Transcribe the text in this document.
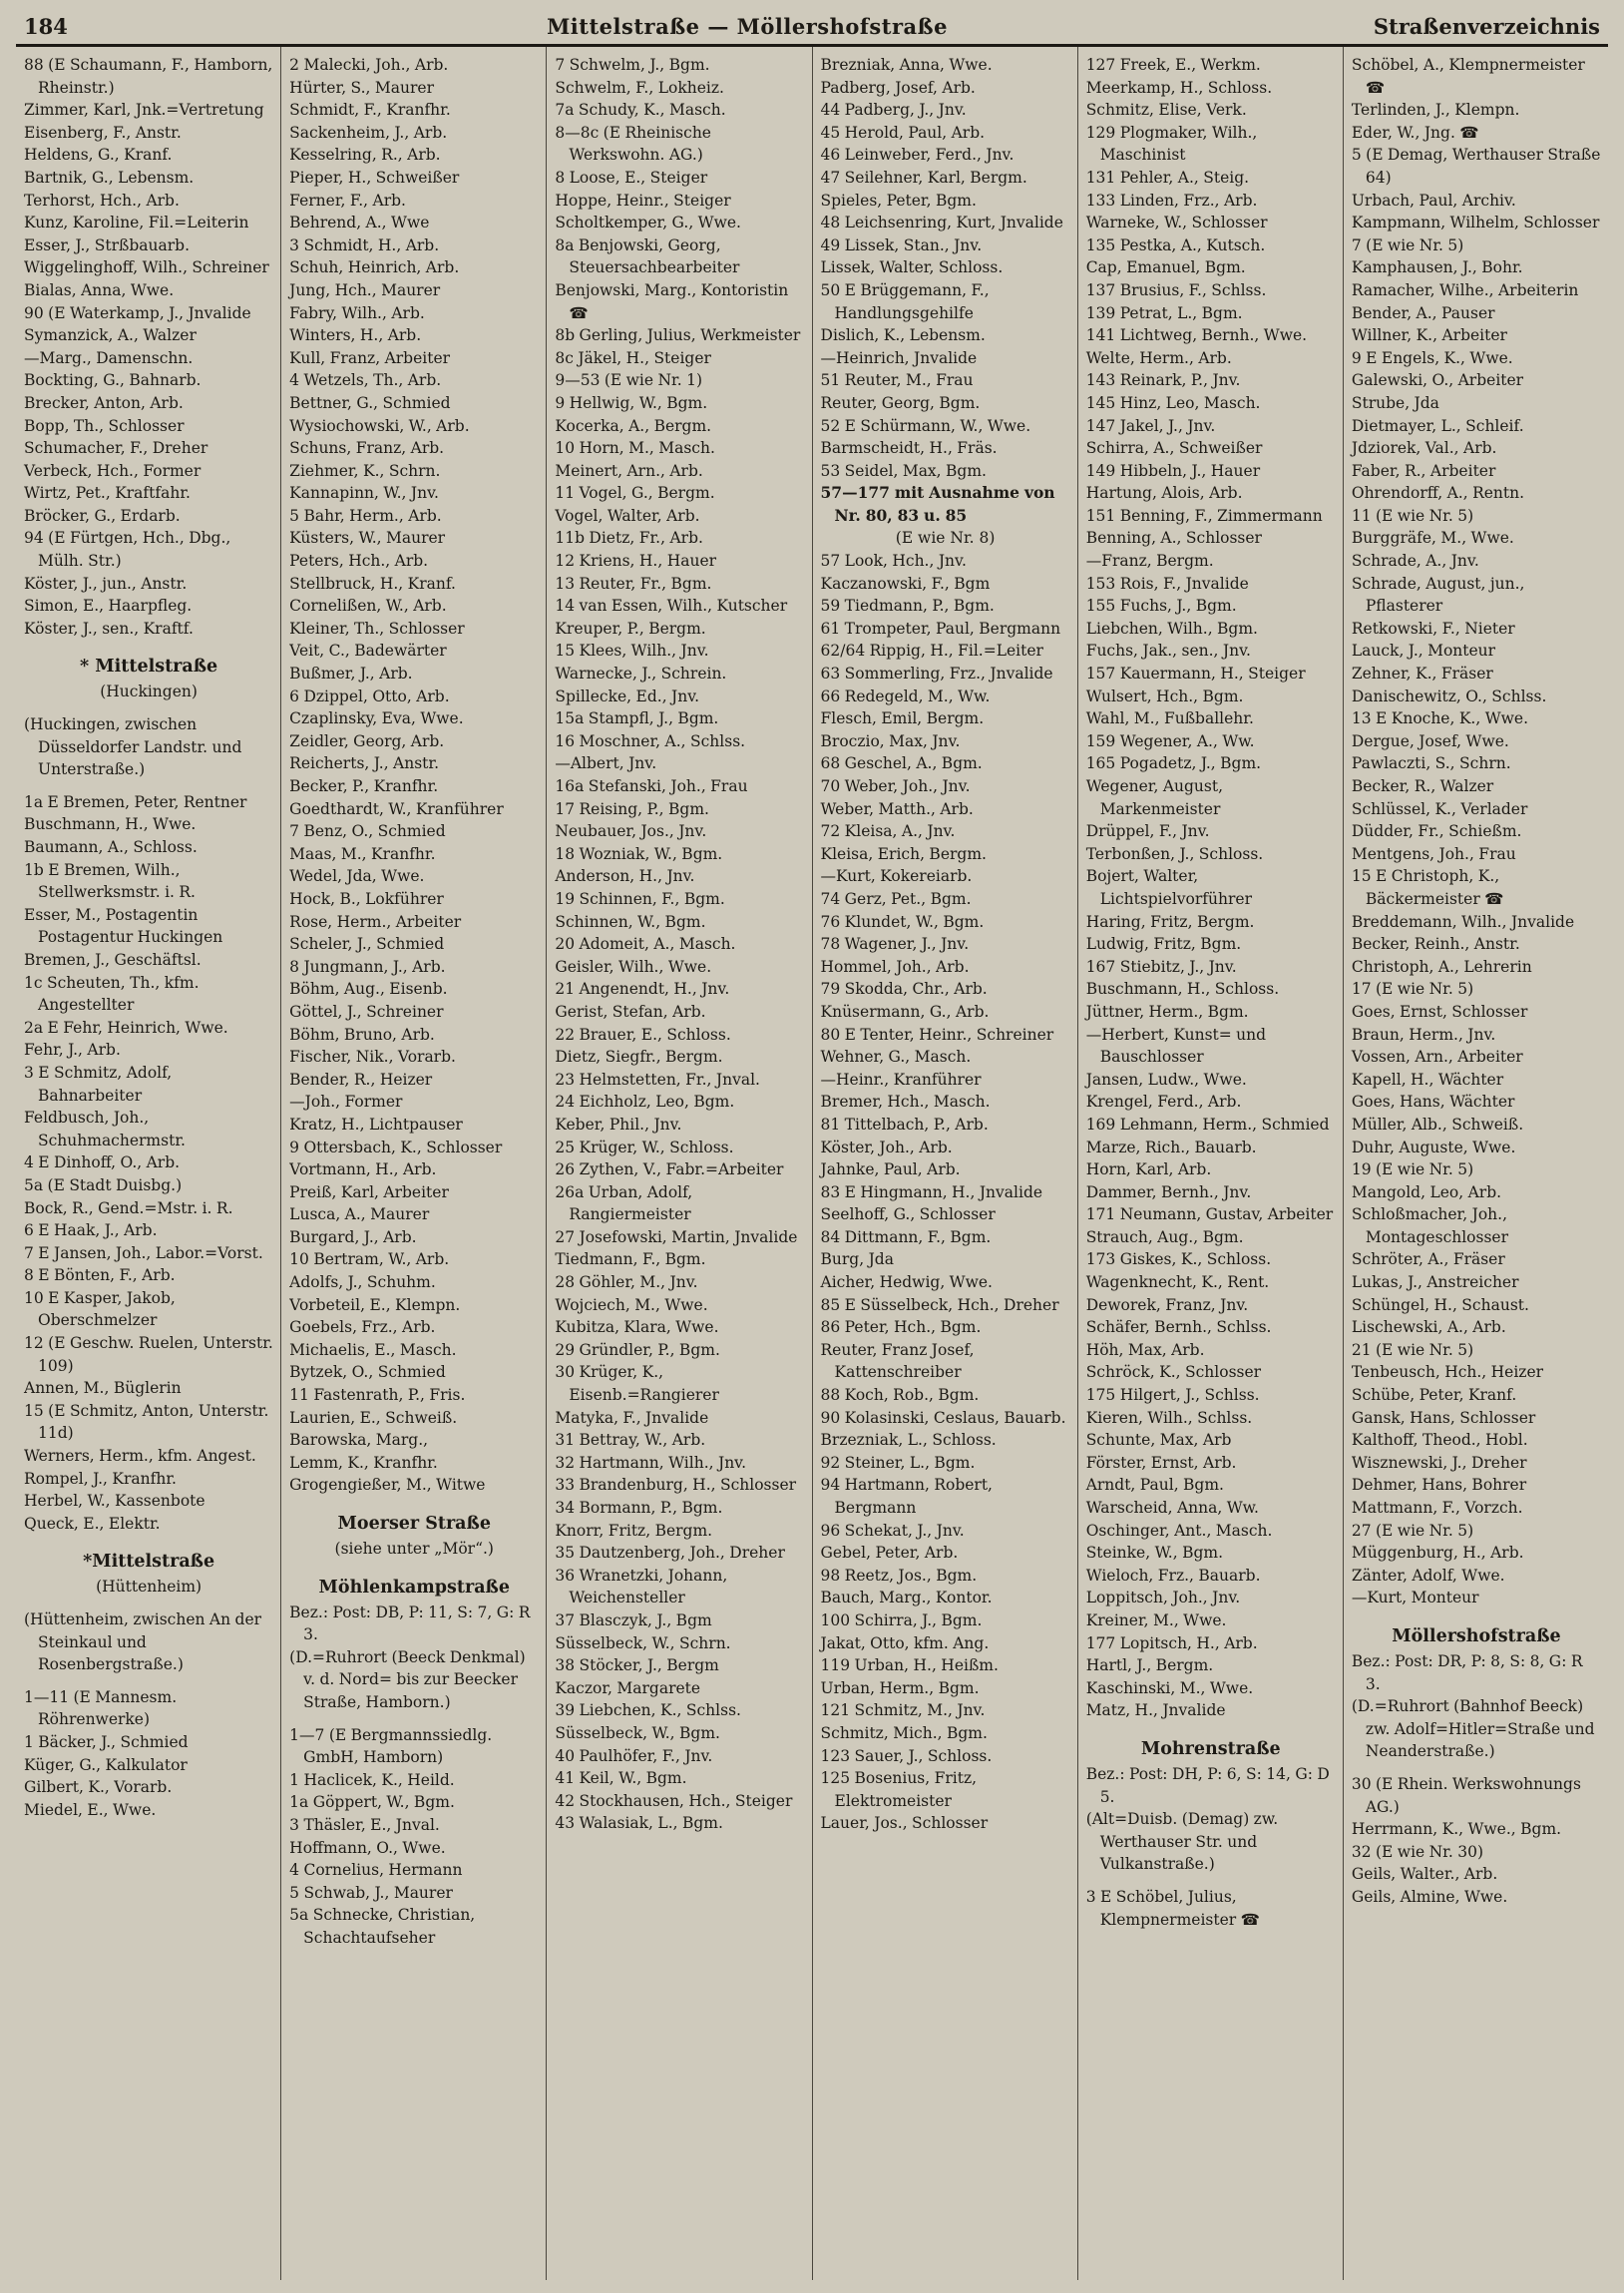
184	Mittelstraße — Möllershofstraße	Straßenverzeichnis
88 (E Schaumann, F., Hamborn, Rheinstr.)
Zimmer, Karl, Jnk.=Vertretung
Eisenberg, F., Anstr.
Heldens, G., Kranf.
Bartnik, G., Lebensm.
Terhorst, Hch., Arb.
Kunz, Karoline, Fil.=Leiterin
Esser, J., Strßbauarb.
Wiggelinghoff, Wilh., Schreiner
Bialas, Anna, Wwe.
90 (E Waterkamp, J., Jnvalide
Symanzick, A., Walzer
—Marg., Damenschn.
Bockting, G., Bahnarb.
Brecker, Anton, Arb.
Bopp, Th., Schlosser
Schumacher, F., Dreher
Verbeck, Hch., Former
Wirtz, Pet., Kraftfahr.
Bröcker, G., Erdarb.
94 (E Fürtgen, Hch., Dbg., Mülh. Str.)
Köster, J., jun., Anstr.
Simon, E., Haarpfleg.
Köster, J., sen., Kraftf.
* Mittelstraße
(Huckingen)
(Huckingen, zwischen Düsseldorfer Landstr. und Unterstraße.)
1a E Bremen, Peter, Rentner
Buschmann, H., Wwe.
Baumann, A., Schloss.
1b E Bremen, Wilh., Stellwerksmstr. i. R.
Esser, M., Postagentin Postagentur Huckingen
Bremen, J., Geschäftsl.
1c Scheuten, Th., kfm. Angestellter
2a E Fehr, Heinrich, Wwe.
Fehr, J., Arb.
3 E Schmitz, Adolf, Bahnarbeiter
Feldbusch, Joh., Schuhmachermstr.
4 E Dinhoff, O., Arb.
5a (E Stadt Duisbg.)
Bock, R., Gend.=Mstr. i. R.
6 E Haak, J., Arb.
7 E Jansen, Joh., Labor.=Vorst.
8 E Bönten, F., Arb.
10 E Kasper, Jakob, Oberschmelzer
12 (E Geschw. Ruelen, Unterstr. 109)
Annen, M., Büglerin
15 (E Schmitz, Anton, Unterstr. 11d)
Werners, Herm., kfm. Angest.
Rompel, J., Kranfhr.
Herbel, W., Kassenbote
Queck, E., Elektr.
*Mittelstraße
(Hüttenheim)
(Hüttenheim, zwischen An der Steinkaul und Rosenbergstraße.)
1—11 (E Mannesm. Röhrenwerke)
1 Bäcker, J., Schmied
Küger, G., Kalkulator
Gilbert, K., Vorarb.
Miedel, E., Wwe.
2 Malecki, Joh., Arb.
Hürter, S., Maurer
Schmidt, F., Kranfhr.
Sackenheim, J., Arb.
Kesselring, R., Arb.
Pieper, H., Schweißer
Ferner, F., Arb.
Behrend, A., Wwe
3 Schmidt, H., Arb.
Schuh, Heinrich, Arb.
Jung, Hch., Maurer
Fabry, Wilh., Arb.
Winters, H., Arb.
Kull, Franz, Arbeiter
4 Wetzels, Th., Arb.
Bettner, G., Schmied
Wysiochowski, W., Arb.
Schuns, Franz, Arb.
Ziehmer, K., Schrn.
Kannapinn, W., Jnv.
5 Bahr, Herm., Arb.
Küsters, W., Maurer
Peters, Hch., Arb.
Stellbruck, H., Kranf.
Cornelißen, W., Arb.
Kleiner, Th., Schlosser
Veit, C., Badewärter
Bußmer, J., Arb.
6 Dzippel, Otto, Arb.
Czaplinsky, Eva, Wwe.
Zeidler, Georg, Arb.
Reicherts, J., Anstr.
Becker, P., Kranfhr.
Goedthardt, W., Kranführer
7 Benz, O., Schmied
Maas, M., Kranfhr.
Wedel, Jda, Wwe.
Hock, B., Lokführer
Rose, Herm., Arbeiter
Scheler, J., Schmied
8 Jungmann, J., Arb.
Böhm, Aug., Eisenb.
Göttel, J., Schreiner
Böhm, Bruno, Arb.
Fischer, Nik., Vorarb.
Bender, R., Heizer
—Joh., Former
Kratz, H., Lichtpauser
9 Ottersbach, K., Schlosser
Vortmann, H., Arb.
Preiß, Karl, Arbeiter
Lusca, A., Maurer
Burgard, J., Arb.
10 Bertram, W., Arb.
Adolfs, J., Schuhm.
Vorbeteil, E., Klempn.
Goebels, Frz., Arb.
Michaelis, E., Masch.
Bytzek, O., Schmied
11 Fastenrath, P., Fris.
Laurien, E., Schweiß.
Barowska, Marg.,
Lemm, K., Kranfhr.
Grogengießer, M., Witwe
Moerser Straße
(siehe unter „Mör“.)
Möhlenkampstraße
Bez.: Post: DB, P: 11, S: 7, G: R 3.
(D.=Ruhrort (Beeck Denkmal) v. d. Nord= bis zur Beecker Straße, Hamborn.)
1—7 (E Bergmannssiedlg. GmbH, Hamborn)
1 Haclicek, K., Heild.
1a Göppert, W., Bgm.
3 Thäsler, E., Jnval.
Hoffmann, O., Wwe.
4 Cornelius, Hermann
5 Schwab, J., Maurer
5a Schnecke, Christian, Schachtaufseher
7 Schwelm, J., Bgm.
Schwelm, F., Lokheiz.
7a Schudy, K., Masch.
8—8c (E Rheinische Werkswohn. AG.)
8 Loose, E., Steiger
Hoppe, Heinr., Steiger
Scholtkemper, G., Wwe.
8a Benjowski, Georg, Steuersachbearbeiter
Benjowski, Marg., Kontoristin ☎
8b Gerling, Julius, Werkmeister
8c Jäkel, H., Steiger
9—53 (E wie Nr. 1)
9 Hellwig, W., Bgm.
Kocerka, A., Bergm.
10 Horn, M., Masch.
Meinert, Arn., Arb.
11 Vogel, G., Bergm.
Vogel, Walter, Arb.
11b Dietz, Fr., Arb.
12 Kriens, H., Hauer
13 Reuter, Fr., Bgm.
14 van Essen, Wilh., Kutscher
Kreuper, P., Bergm.
15 Klees, Wilh., Jnv.
Warnecke, J., Schrein.
Spillecke, Ed., Jnv.
15a Stampfl, J., Bgm.
16 Moschner, A., Schlss.
—Albert, Jnv.
16a Stefanski, Joh., Frau
17 Reising, P., Bgm.
Neubauer, Jos., Jnv.
18 Wozniak, W., Bgm.
Anderson, H., Jnv.
19 Schinnen, F., Bgm.
Schinnen, W., Bgm.
20 Adomeit, A., Masch.
Geisler, Wilh., Wwe.
21 Angenendt, H., Jnv.
Gerist, Stefan, Arb.
22 Brauer, E., Schloss.
Dietz, Siegfr., Bergm.
23 Helmstetten, Fr., Jnval.
24 Eichholz, Leo, Bgm.
Keber, Phil., Jnv.
25 Krüger, W., Schloss.
26 Zythen, V., Fabr.=Arbeiter
26a Urban, Adolf, Rangiermeister
27 Josefowski, Martin, Jnvalide
Tiedmann, F., Bgm.
28 Göhler, M., Jnv.
Wojciech, M., Wwe.
Kubitza, Klara, Wwe.
29 Gründler, P., Bgm.
30 Krüger, K., Eisenb.=Rangierer
Matyka, F., Jnvalide
31 Bettray, W., Arb.
32 Hartmann, Wilh., Jnv.
33 Brandenburg, H., Schlosser
34 Bormann, P., Bgm.
Knorr, Fritz, Bergm.
35 Dautzenberg, Joh., Dreher
36 Wranetzki, Johann, Weichensteller
37 Blasczyk, J., Bgm
Süsselbeck, W., Schrn.
38 Stöcker, J., Bergm
Kaczor, Margarete
39 Liebchen, K., Schlss.
Süsselbeck, W., Bgm.
40 Paulhöfer, F., Jnv.
41 Keil, W., Bgm.
42 Stockhausen, Hch., Steiger
43 Walasiak, L., Bgm.
Brezniak, Anna, Wwe.
Padberg, Josef, Arb.
44 Padberg, J., Jnv.
45 Herold, Paul, Arb.
46 Leinweber, Ferd., Jnv.
47 Seilehner, Karl, Bergm.
Spieles, Peter, Bgm.
48 Leichsenring, Kurt, Jnvalide
49 Lissek, Stan., Jnv.
Lissek, Walter, Schloss.
50 E Brüggemann, F., Handlungsgehilfe
Dislich, K., Lebensm.
—Heinrich, Jnvalide
51 Reuter, M., Frau
Reuter, Georg, Bgm.
52 E Schürmann, W., Wwe.
Barmscheidt, H., Fräs.
53 Seidel, Max, Bgm.
57—177 mit Ausnahme von Nr. 80, 83 u. 85
(E wie Nr. 8)
57 Look, Hch., Jnv.
Kaczanowski, F., Bgm
59 Tiedmann, P., Bgm.
61 Trompeter, Paul, Bergmann
62/64 Rippig, H., Fil.=Leiter
63 Sommerling, Frz., Jnvalide
66 Redegeld, M., Ww.
Flesch, Emil, Bergm.
Broczio, Max, Jnv.
68 Geschel, A., Bgm.
70 Weber, Joh., Jnv.
Weber, Matth., Arb.
72 Kleisa, A., Jnv.
Kleisa, Erich, Bergm.
—Kurt, Kokereiarb.
74 Gerz, Pet., Bgm.
76 Klundet, W., Bgm.
78 Wagener, J., Jnv.
Hommel, Joh., Arb.
79 Skodda, Chr., Arb.
Knüsermann, G., Arb.
80 E Tenter, Heinr., Schreiner
Wehner, G., Masch.
—Heinr., Kranführer
Bremer, Hch., Masch.
81 Tittelbach, P., Arb.
Köster, Joh., Arb.
Jahnke, Paul, Arb.
83 E Hingmann, H., Jnvalide
Seelhoff, G., Schlosser
84 Dittmann, F., Bgm.
Burg, Jda
Aicher, Hedwig, Wwe.
85 E Süsselbeck, Hch., Dreher
86 Peter, Hch., Bgm.
Reuter, Franz Josef, Kattenschreiber
88 Koch, Rob., Bgm.
90 Kolasinski, Ceslaus, Bauarb.
Brzezniak, L., Schloss.
92 Steiner, L., Bgm.
94 Hartmann, Robert, Bergmann
96 Schekat, J., Jnv.
Gebel, Peter, Arb.
98 Reetz, Jos., Bgm.
Bauch, Marg., Kontor.
100 Schirra, J., Bgm.
Jakat, Otto, kfm. Ang.
119 Urban, H., Heißm.
Urban, Herm., Bgm.
121 Schmitz, M., Jnv.
Schmitz, Mich., Bgm.
123 Sauer, J., Schloss.
125 Bosenius, Fritz, Elektromeister
Lauer, Jos., Schlosser
127 Freek, E., Werkm.
Meerkamp, H., Schloss.
Schmitz, Elise, Verk.
129 Plogmaker, Wilh., Maschinist
131 Pehler, A., Steig.
133 Linden, Frz., Arb.
Warneke, W., Schlosser
135 Pestka, A., Kutsch.
Cap, Emanuel, Bgm.
137 Brusius, F., Schlss.
139 Petrat, L., Bgm.
141 Lichtweg, Bernh., Wwe.
Welte, Herm., Arb.
143 Reinark, P., Jnv.
145 Hinz, Leo, Masch.
147 Jakel, J., Jnv.
Schirra, A., Schweißer
149 Hibbeln, J., Hauer
Hartung, Alois, Arb.
151 Benning, F., Zimmermann
Benning, A., Schlosser
—Franz, Bergm.
153 Rois, F., Jnvalide
155 Fuchs, J., Bgm.
Liebchen, Wilh., Bgm.
Fuchs, Jak., sen., Jnv.
157 Kauermann, H., Steiger
Wulsert, Hch., Bgm.
Wahl, M., Fußballehr.
159 Wegener, A., Ww.
165 Pogadetz, J., Bgm.
Wegener, August, Markenmeister
Drüppel, F., Jnv.
Terbonßen, J., Schloss.
Bojert, Walter, Lichtspielvorführer
Haring, Fritz, Bergm.
Ludwig, Fritz, Bgm.
167 Stiebitz, J., Jnv.
Buschmann, H., Schloss.
Jüttner, Herm., Bgm.
—Herbert, Kunst= und Bauschlosser
Jansen, Ludw., Wwe.
Krengel, Ferd., Arb.
169 Lehmann, Herm., Schmied
Marze, Rich., Bauarb.
Horn, Karl, Arb.
Dammer, Bernh., Jnv.
171 Neumann, Gustav, Arbeiter
Strauch, Aug., Bgm.
173 Giskes, K., Schloss.
Wagenknecht, K., Rent.
Deworek, Franz, Jnv.
Schäfer, Bernh., Schlss.
Höh, Max, Arb.
Schröck, K., Schlosser
175 Hilgert, J., Schlss.
Kieren, Wilh., Schlss.
Schunte, Max, Arb
Förster, Ernst, Arb.
Arndt, Paul, Bgm.
Warscheid, Anna, Ww.
Oschinger, Ant., Masch.
Steinke, W., Bgm.
Wieloch, Frz., Bauarb.
Loppitsch, Joh., Jnv.
Kreiner, M., Wwe.
177 Lopitsch, H., Arb.
Hartl, J., Bergm.
Kaschinski, M., Wwe.
Matz, H., Jnvalide
Mohrenstraße
Bez.: Post: DH, P: 6, S: 14, G: D 5.
(Alt=Duisb. (Demag) zw. Werthauser Str. und Vulkanstraße.)
3 E Schöbel, Julius, Klempnermeister ☎
Schöbel, A., Klempnermeister ☎
Terlinden, J., Klempn.
Eder, W., Jng. ☎
5 (E Demag, Werthauser Straße 64)
Urbach, Paul, Archiv.
Kampmann, Wilhelm, Schlosser
7 (E wie Nr. 5)
Kamphausen, J., Bohr.
Ramacher, Wilhe., Arbeiterin
Bender, A., Pauser
Willner, K., Arbeiter
9 E Engels, K., Wwe.
Galewski, O., Arbeiter
Strube, Jda
Dietmayer, L., Schleif.
Jdziorek, Val., Arb.
Faber, R., Arbeiter
Ohrendorff, A., Rentn.
11 (E wie Nr. 5)
Burggräfe, M., Wwe.
Schrade, A., Jnv.
Schrade, August, jun., Pflasterer
Retkowski, F., Nieter
Lauck, J., Monteur
Zehner, K., Fräser
Danischewitz, O., Schlss.
13 E Knoche, K., Wwe.
Dergue, Josef, Wwe.
Pawlaczti, S., Schrn.
Becker, R., Walzer
Schlüssel, K., Verlader
Düdder, Fr., Schießm.
Mentgens, Joh., Frau
15 E Christoph, K., Bäckermeister ☎
Breddemann, Wilh., Jnvalide
Becker, Reinh., Anstr.
Christoph, A., Lehrerin
17 (E wie Nr. 5)
Goes, Ernst, Schlosser
Braun, Herm., Jnv.
Vossen, Arn., Arbeiter
Kapell, H., Wächter
Goes, Hans, Wächter
Müller, Alb., Schweiß.
Duhr, Auguste, Wwe.
19 (E wie Nr. 5)
Mangold, Leo, Arb.
Schloßmacher, Joh., Montageschlosser
Schröter, A., Fräser
Lukas, J., Anstreicher
Schüngel, H., Schaust.
Lischewski, A., Arb.
21 (E wie Nr. 5)
Tenbeusch, Hch., Heizer
Schübe, Peter, Kranf.
Gansk, Hans, Schlosser
Kalthoff, Theod., Hobl.
Wisznewski, J., Dreher
Dehmer, Hans, Bohrer
Mattmann, F., Vorzch.
27 (E wie Nr. 5)
Müggenburg, H., Arb.
Zänter, Adolf, Wwe.
—Kurt, Monteur
Möllershofstraße
Bez.: Post: DR, P: 8, S: 8, G: R 3.
(D.=Ruhrort (Bahnhof Beeck) zw. Adolf=Hitler=Straße und Neanderstraße.)
30 (E Rhein. Werkswohnungs AG.)
Herrmann, K., Wwe., Bgm.
32 (E wie Nr. 30)
Geils, Walter., Arb.
Geils, Almine, Wwe.
